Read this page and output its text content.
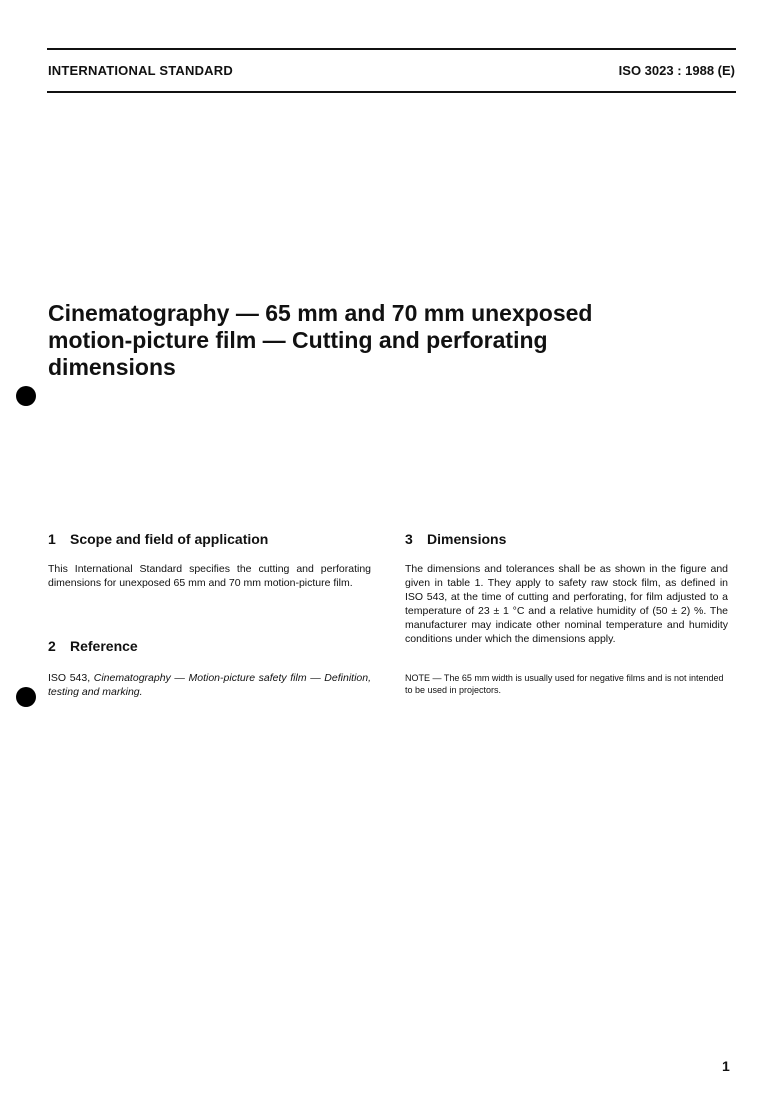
INTERNATIONAL STANDARD	ISO 3023 : 1988 (E)
Cinematography — 65 mm and 70 mm unexposed
motion-picture film — Cutting and perforating
dimensions
1 Scope and field of application

This International Standard specifies the cutting and perforating dimensions for unexposed 65 mm and 70 mm motion-picture film.

2 Reference

ISO 543, Cinematography — Motion-picture safety film — Definition, testing and marking.

3 Dimensions

The dimensions and tolerances shall be as shown in the figure and given in table 1. They apply to safety raw stock film, as defined in ISO 543, at the time of cutting and perforating, for film adjusted to a temperature of 23 ± 1 °C and a relative humidity of (50 ± 2) %. The manufacturer may indicate other nominal temperature and humidity conditions under which the dimensions apply.

NOTE — The 65 mm width is usually used for negative films and is not intended to be used in projectors.

1
